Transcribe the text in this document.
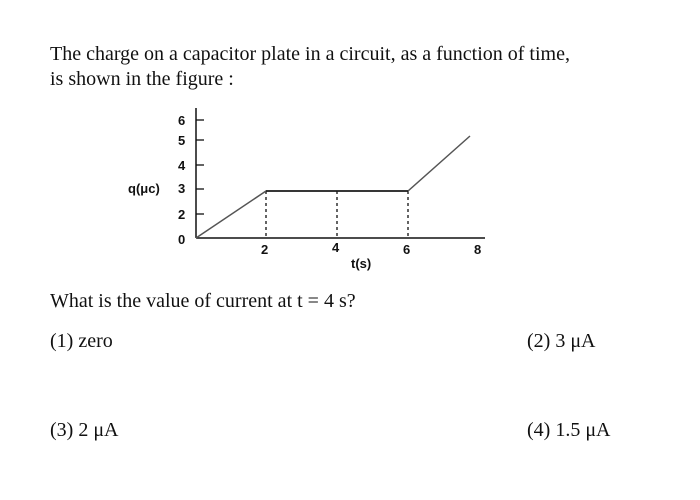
The charge on a capacitor plate in a circuit, as a function of time,
is shown in the figure :
6
5
4
3
2
0
q(μc)
2	4	6	8
t(s)
What is the value of current at t = 4 s?
(1) zero	(2) 3 μA
(3) 2 μA	(4) 1.5 μA
